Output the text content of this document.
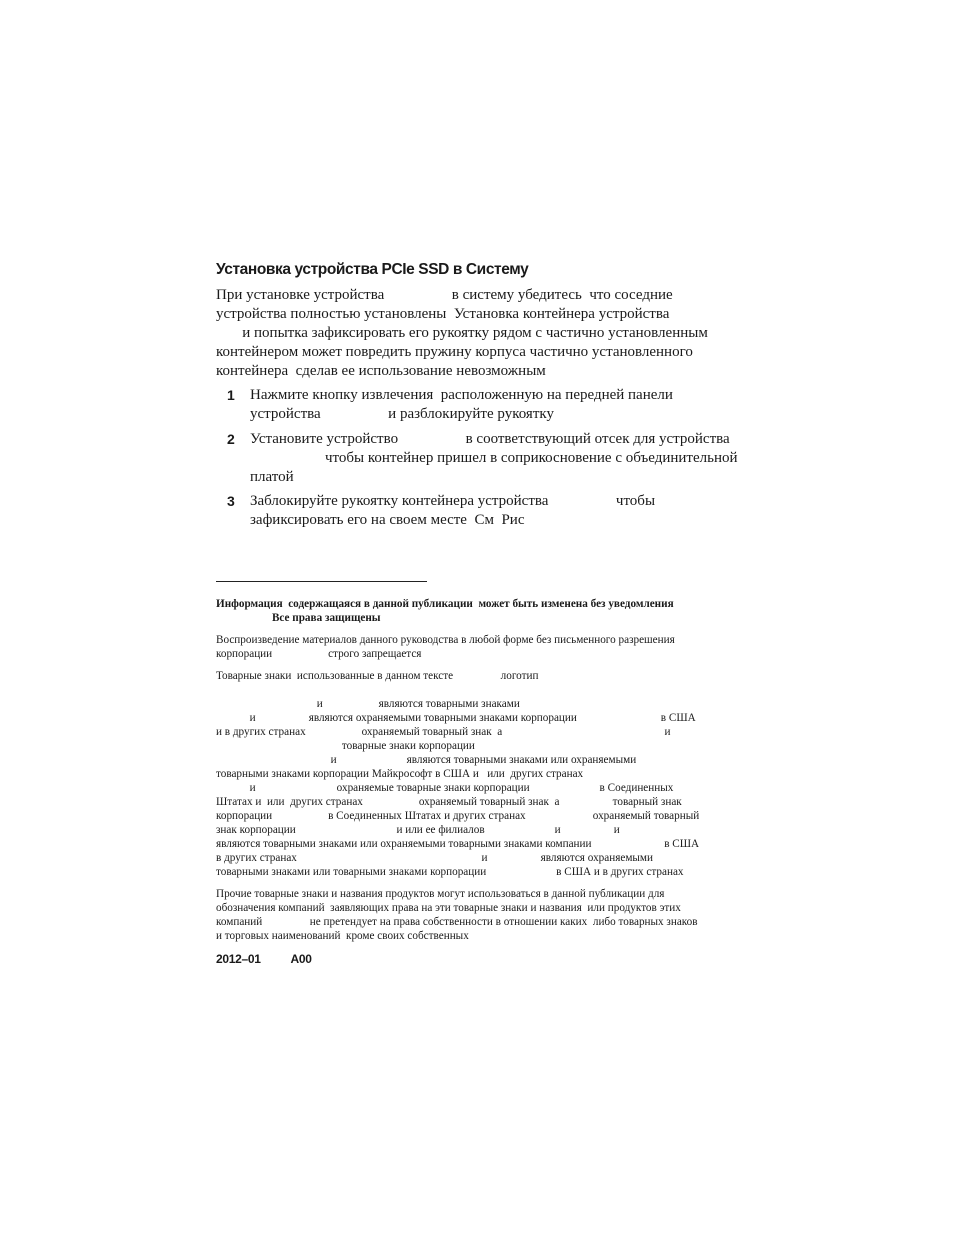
Установка устройства PCIe SSD в Систему
При установке устройства                  в систему убедитесь  что соседние
устройства полностью установлены  Установка контейнера устройства
и попытка зафиксировать его рукоятку рядом с частично установленным
контейнером может повредить пружину корпуса частично установленного
контейнера  сделав ее использование невозможным
1 Нажмите кнопку извлечения  расположенную на передней панели
устройства                  и разблокируйте рукоятку
2 Установите устройство                  в соответствующий отсек для устройства
чтобы контейнер пришел в соприкосновение с объединительной
платой
3 Заблокируйте рукоятку контейнера устройства                  чтобы
зафиксировать его на своем месте  См  Рис
Информация  содержащаяся в данной публикации  может быть изменена без уведомления
Все права защищены
Воспроизведение материалов данного руководства в любой форме без письменного разрешения
корпорации                    строго запрещается
Товарные знаки  использованные в данном тексте                 логотип
и                    являются товарными знаками
и                   являются охраняемыми товарными знаками корпорации                              в США
и в других странах                    охраняемый товарный знак  а                                                          и
товарные знаки корпорации
и                         являются товарными знаками или охраняемыми
товарными знаками корпорации Майкрософт в США и   или  других странах
и                             охраняемые товарные знаки корпорации                         в Соединенных
Штатах и  или  других странах                    охраняемый товарный знак  а                   товарный знак
корпорации                    в Соединенных Штатах и других странах                        охраняемый товарный
знак корпорации                                    и или ее филиалов                         и                   и
являются товарными знаками или охраняемыми товарными знаками компании                          в США
в других странах                                                                  и                   являются охраняемыми
товарными знаками или товарными знаками корпорации                         в США и в других странах
Прочие товарные знаки и названия продуктов могут использоваться в данной публикации для
обозначения компаний  заявляющих права на эти товарные знаки и названия  или продуктов этих
компаний                 не претендует на права собственности в отношении каких  либо товарных знаков
и торговых наименований  кроме своих собственных
2012–01          A00
